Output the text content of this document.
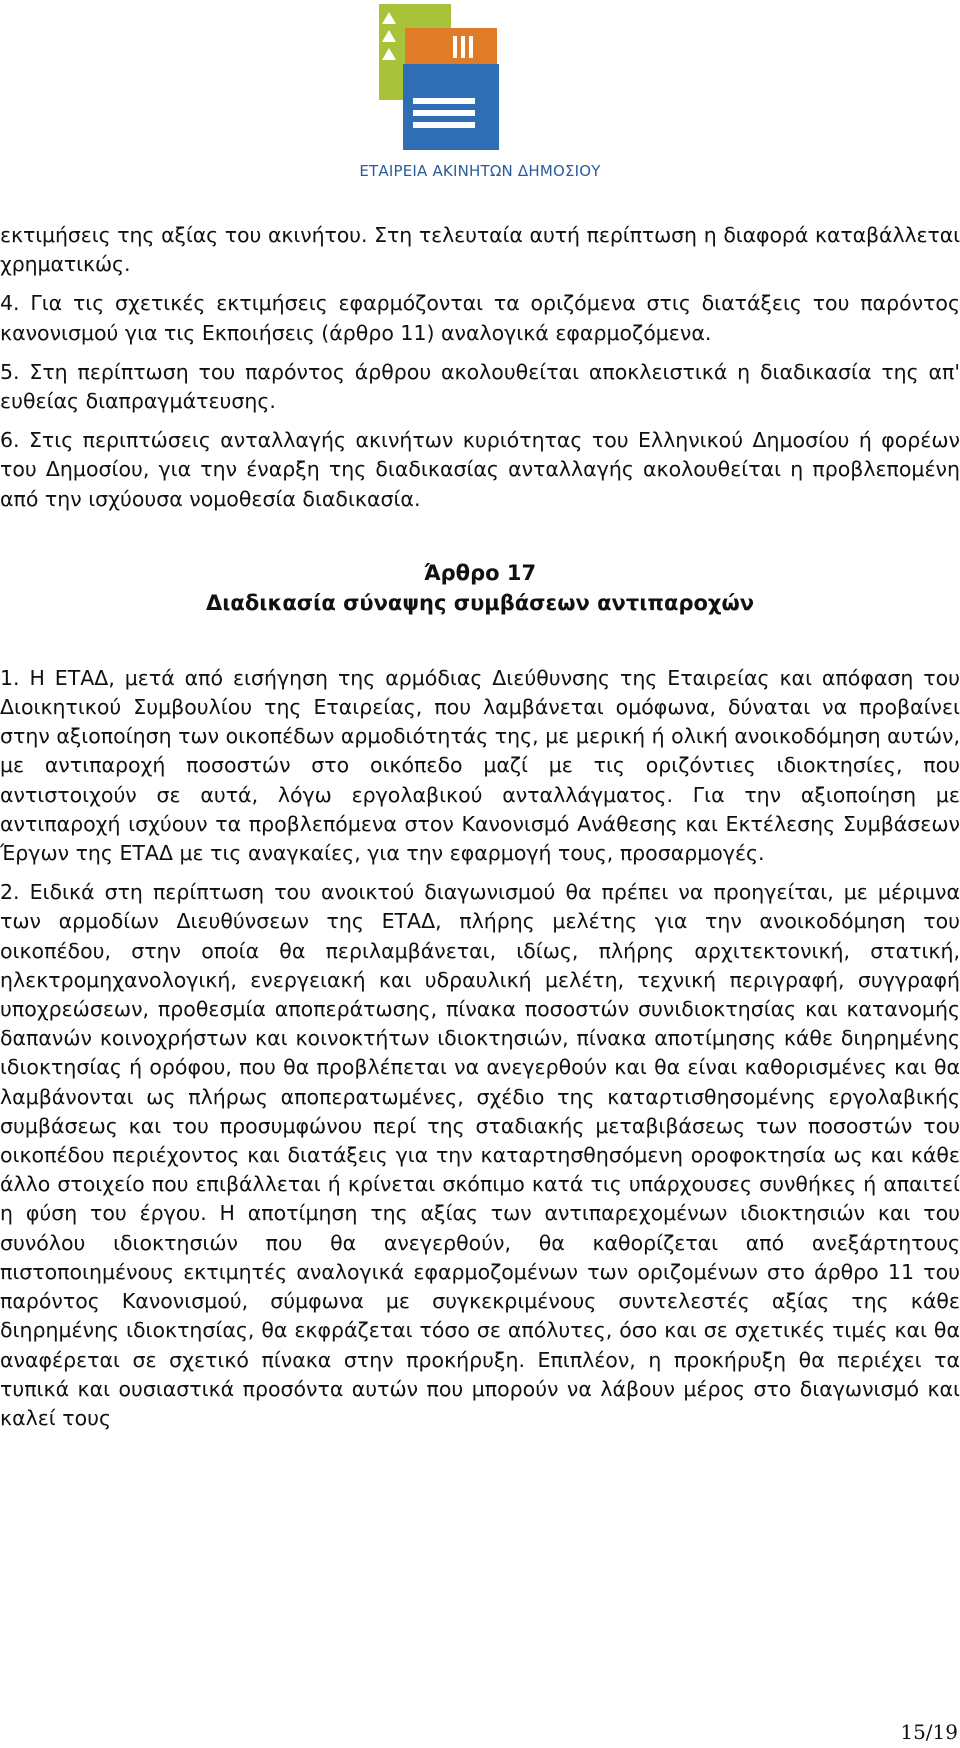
ΕΤΑΙΡΕΙΑ ΑΚΙΝΗΤΩΝ ΔΗΜΟΣΙΟΥ

εκτιμήσεις της αξίας του ακινήτου. Στη τελευταία αυτή περίπτωση η διαφορά καταβάλλεται χρηματικώς.

4. Για τις σχετικές εκτιμήσεις εφαρμόζονται τα οριζόμενα στις διατάξεις του παρόντος κανονισμού για τις Εκποιήσεις (άρθρο 11) αναλογικά εφαρμοζόμενα.

5. Στη περίπτωση του παρόντος άρθρου ακολουθείται αποκλειστικά η διαδικασία της απ' ευθείας διαπραγμάτευσης.

6. Στις περιπτώσεις ανταλλαγής ακινήτων κυριότητας του Ελληνικού Δημοσίου ή φορέων του Δημοσίου, για την έναρξη της διαδικασίας ανταλλαγής ακολουθείται η προβλεπομένη από την ισχύουσα νομοθεσία διαδικασία.

Άρθρο 17
Διαδικασία σύναψης συμβάσεων αντιπαροχών

1. Η ΕΤΑΔ, μετά από εισήγηση της αρμόδιας Διεύθυνσης της Εταιρείας και απόφαση του Διοικητικού Συμβουλίου της Εταιρείας, που λαμβάνεται ομόφωνα, δύναται να προβαίνει στην αξιοποίηση των οικοπέδων αρμοδιότητάς της, με μερική ή ολική ανοικοδόμηση αυτών, με αντιπαροχή ποσοστών στο οικόπεδο μαζί με τις οριζόντιες ιδιοκτησίες, που αντιστοιχούν σε αυτά, λόγω εργολαβικού ανταλλάγματος. Για την αξιοποίηση με αντιπαροχή ισχύουν τα προβλεπόμενα στον Κανονισμό Ανάθεσης και Εκτέλεσης Συμβάσεων Έργων της ΕΤΑΔ με τις αναγκαίες, για την εφαρμογή τους, προσαρμογές.

2. Ειδικά στη περίπτωση του ανοικτού διαγωνισμού θα πρέπει να προηγείται, με μέριμνα των αρμοδίων Διευθύνσεων της ΕΤΑΔ, πλήρης μελέτης για την ανοικοδόμηση του οικοπέδου, στην οποία θα περιλαμβάνεται, ιδίως, πλήρης αρχιτεκτονική, στατική, ηλεκτρομηχανολογική, ενεργειακή και υδραυλική μελέτη, τεχνική περιγραφή, συγγραφή υποχρεώσεων, προθεσμία αποπεράτωσης, πίνακα ποσοστών συνιδιοκτησίας και κατανομής δαπανών κοινοχρήστων και κοινοκτήτων ιδιοκτησιών, πίνακα αποτίμησης κάθε διηρημένης ιδιοκτησίας ή ορόφου, που θα προβλέπεται να ανεγερθούν και θα είναι καθορισμένες και θα λαμβάνονται ως πλήρως αποπερατωμένες, σχέδιο της καταρτισθησομένης εργολαβικής συμβάσεως και του προσυμφώνου περί της σταδιακής μεταβιβάσεως των ποσοστών του οικοπέδου περιέχοντος και διατάξεις για την καταρτησθησόμενη οροφοκτησία ως και κάθε άλλο στοιχείο που επιβάλλεται ή κρίνεται σκόπιμο κατά τις υπάρχουσες συνθήκες ή απαιτεί η φύση του έργου. Η αποτίμηση της αξίας των αντιπαρεχομένων ιδιοκτησιών και του συνόλου ιδιοκτησιών που θα ανεγερθούν, θα καθορίζεται από ανεξάρτητους πιστοποιημένους εκτιμητές αναλογικά εφαρμοζομένων των οριζομένων στο άρθρο 11 του παρόντος Κανονισμού, σύμφωνα με συγκεκριμένους συντελεστές αξίας της κάθε διηρημένης ιδιοκτησίας, θα εκφράζεται τόσο σε απόλυτες, όσο και σε σχετικές τιμές και θα αναφέρεται σε σχετικό πίνακα στην προκήρυξη. Επιπλέον, η προκήρυξη θα περιέχει τα τυπικά και ουσιαστικά προσόντα αυτών που μπορούν να λάβουν μέρος στο διαγωνισμό και καλεί τους

15/19
